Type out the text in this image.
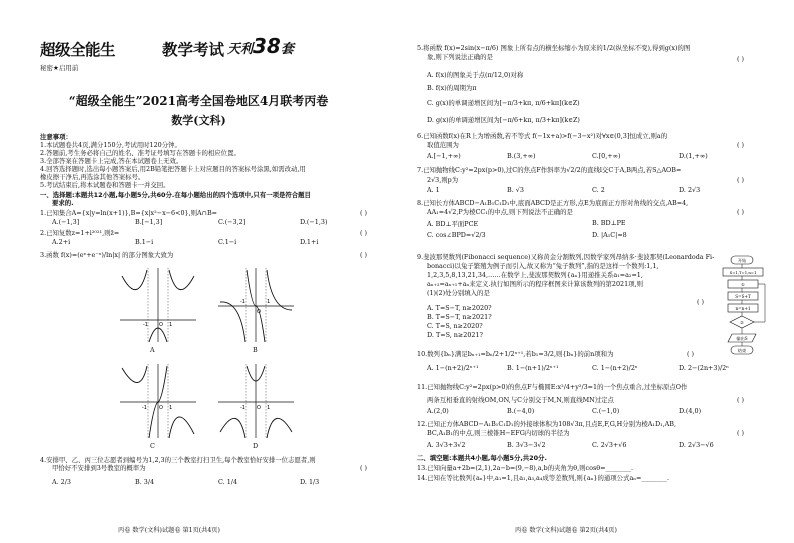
超级全能生	教学考试 天利38套
秘密★启用前
“超级全能生”2021高考全国卷地区4月联考丙卷
数学(文科)
注意事项：
1.本试题卷共4页,满分150分,考试用时120分钟。
2.答题前,考生务必将自己的姓名、准考证号填写在答题卡的相应位置。
3.全部答案在答题卡上完成,答在本试题卷上无效。
4.回答选择题时,选出每小题答案后,用2B铅笔把答题卡上对应题目的答案标号涂黑,如需改动,用
橡皮擦干净后,再选涂其他答案标号。
5.考试结束后,将本试题卷和答题卡一并交回。
一、选择题:本题共12小题,每小题5分,共60分.在每小题给出的四个选项中,只有一项是符合题目
要求的.
1.已知集合A={x|y=ln(x+1)},B={x|x²−x−6<0},则A∩B=	( )
A.(−1,3]	B.[−1,3]	C.(−3,2]	D.(−1,3)
2.已知复数z=1+i²⁰²¹,则z̄=	( )
A.2+i	B.1−i	C.1−i	D.1+i
3.函数 f(x)=(eˣ+e⁻ˣ)/ln|x| 的部分图象大致为	( )
-1 O 1
A
-1
O
1
B
-1 O 1
C
-1 O 1
D
4.安排甲、乙、丙三位志愿者到编号为1,2,3的三个教室打扫卫生,每个教室恰好安排一位志愿者,则
甲恰好不安排到3号教室的概率为	( )
A. 2/3	B. 3/4	C. 1/4	D. 1/3
丙卷 数学(文科)试题卷 第1页(共4页)
5.将函数 f(x)=2sin(x−π/6) 图象上所有点的横坐标缩小为原来的1/2(纵坐标不变),得到g(x)的图
象,则下列说法正确的是	( )
A. f(x)的图象关于点(π/12,0)对称
B. f(x)的周期为π
C. g(x)的单调递增区间为[−π/3+kπ, π/6+kπ](k∈Z)
D. g(x)的单调递增区间为[−π/6+kπ, π/3+kπ](k∈Z)
6.已知函数f(x)在R上为增函数,若不等式 f(−1x+a)>f(−3−x²)对∀x∈(0,3]恒成立,则a的
取值范围为	( )
A.[−1,+∞)	B.(3,+∞)	C.[0,+∞)	D.(1,+∞)
7.已知抛物线C:y²=2px(p>0),过C的焦点F作斜率为√2/2的直线l交C于A,B两点,若S△AOB=
2√3,则p为	( )
A. 1	B. √3	C. 2	D. 2√3
8.已知长方体ABCD−A₁B₁C₁D₁中,底面ABCD是正方形,点E为底面正方形对角线的交点,AB=4,
AA₁=4√2,P为棱CC₁的中点,则下列说法不正确的是	( )
A. BD⊥平面PCE	B. BD⊥PE
C. cos∠BPD=√2/3	D. |A₁C|=8
9.斐波那契数列(Fibonacci sequence)又称黄金分割数列,因数学家列昂纳多·斐波那契(Leonardoda Fi-
bonacci)以兔子繁殖为例子而引入,故又称为“兔子数列”,指的是这样一个数列:1,1,
1,2,3,5,8,13,21,34,……在数学上,斐波那契数列{aₙ}用递推关系a₁=a₂=1,
aₙ₊₂=aₙ₊₁+aₙ来定义.执行如图所示的程序框图来计算该数列的第2021项,则
(1)(2)处分别填入的是
( )
A. T=S−T, n≥2020?
B. T=S−T, n≥2021?
C. T=S, n≥2020?
D. T=S, n≥2021?
开始
S=1,T=1,n=1
①
S=S+T
n=n+1
②
输出S
结束
10.数列{bₙ}满足bₙ₊₁=bₙ/2+1/2ⁿ⁺¹,若b₁=3/2,则{bₙ}的前n项和为	( )
A. 1−(n+2)/2ⁿ⁺¹	B. 1−(n+1)/2ⁿ⁺¹	C. 1−(n+2)/2ⁿ	D. 2−(2n+3)/2ⁿ
11.已知抛物线C:y²=2px(p>0)的焦点F与椭圆E:x²/4+y²/3=1的一个焦点重合,过坐标原点O作
两条互相垂直的射线OM,ON,与C分别交于M,N,则直线MN过定点	( )
A.(2,0)	B.(−4,0)	C.(−1,0)	D.(4,0)
12.已知正方体ABCD−A₁B₁C₁D₁的外接球体积为108√3π,且点E,F,G,H分别为棱A₁D₁,AB,
BC,A₁B₁的中点,则三棱锥H−EFG内切球的半径为	( )
A. 3√3+3√2	B. 3√3−3√2	C. 2√3+√6	D. 2√3−√6
二、填空题:本题共4小题,每小题5分,共20分.
13.已知向量a+2b=(2,1),2a−b=(9,−8),a,b的夹角为θ,则cosθ=________.
14.已知在等比数列{aₙ}中,a₁=1,且a₁,a₃,a₄成等差数列,则{aₙ}的通项公式aₙ=________.
丙卷 数学(文科)试题卷 第2页(共4页)
